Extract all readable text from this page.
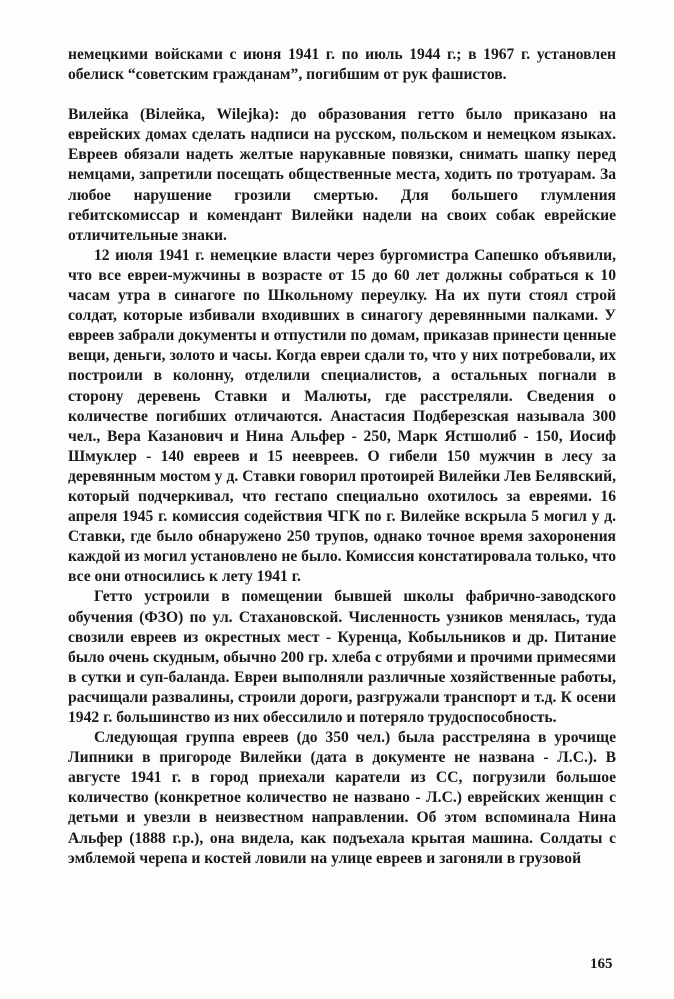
немецкими войсками с июня 1941 г. по июль 1944 г.; в 1967 г. установлен обелиск “советским гражданам”, погибшим от рук фашистов.

Вилейка (Вiлейка, Wilejka): до образования гетто было приказано на еврейских домах сделать надписи на русском, польском и немецком языках. Евреев обязали надеть желтые нарукавные повязки, снимать шапку перед немцами, запретили посещать общественные места, ходить по тротуарам. За любое нарушение грозили смертью. Для большего глумления гебитскомиссар и комендант Вилейки надели на своих собак еврейские отличительные знаки.

12 июля 1941 г. немецкие власти через бургомистра Сапешко объявили, что все евреи-мужчины в возрасте от 15 до 60 лет должны собраться к 10 часам утра в синагоге по Школьному переулку. На их пути стоял строй солдат, которые избивали входивших в синагогу деревянными палками. У евреев забрали документы и отпустили по домам, приказав принести ценные вещи, деньги, золото и часы. Когда евреи сдали то, что у них потребовали, их построили в колонну, отделили специалистов, а остальных погнали в сторону деревень Ставки и Малюты, где расстреляли. Сведения о количестве погибших отличаются. Анастасия Подберезская называла 300 чел., Вера Казанович и Нина Альфер - 250, Марк Ястшолиб - 150, Иосиф Шмуклер - 140 евреев и 15 неевреев. О гибели 150 мужчин в лесу за деревянным мостом у д. Ставки говорил протоирей Вилейки Лев Белявский, который подчеркивал, что гестапо специально охотилось за евреями. 16 апреля 1945 г. комиссия содействия ЧГК по г. Вилейке вскрыла 5 могил у д. Ставки, где было обнаружено 250 трупов, однако точное время захоронения каждой из могил установлено не было. Комиссия констатировала только, что все они относились к лету 1941 г.

Гетто устроили в помещении бывшей школы фабрично-заводского обучения (ФЗО) по ул. Стахановской. Численность узников менялась, туда свозили евреев из окрестных мест - Куренца, Кобыльников и др. Питание было очень скудным, обычно 200 гр. хлеба с отрубями и прочими примесями в сутки и суп-баланда. Евреи выполняли различные хозяйственные работы, расчищали развалины, строили дороги, разгружали транспорт и т.д. К осени 1942 г. большинство из них обессилило и потеряло трудоспособность.

Следующая группа евреев (до 350 чел.) была расстреляна в урочище Липники в пригороде Вилейки (дата в документе не названа - Л.С.). В августе 1941 г. в город приехали каратели из СС, погрузили большое количество (конкретное количество не названо - Л.С.) еврейских женщин с детьми и увезли в неизвестном направлении. Об этом вспоминала Нина Альфер (1888 г.р.), она видела, как подъехала крытая машина. Солдаты с эмблемой черепа и костей ловили на улице евреев и загоняли в грузовой

165
